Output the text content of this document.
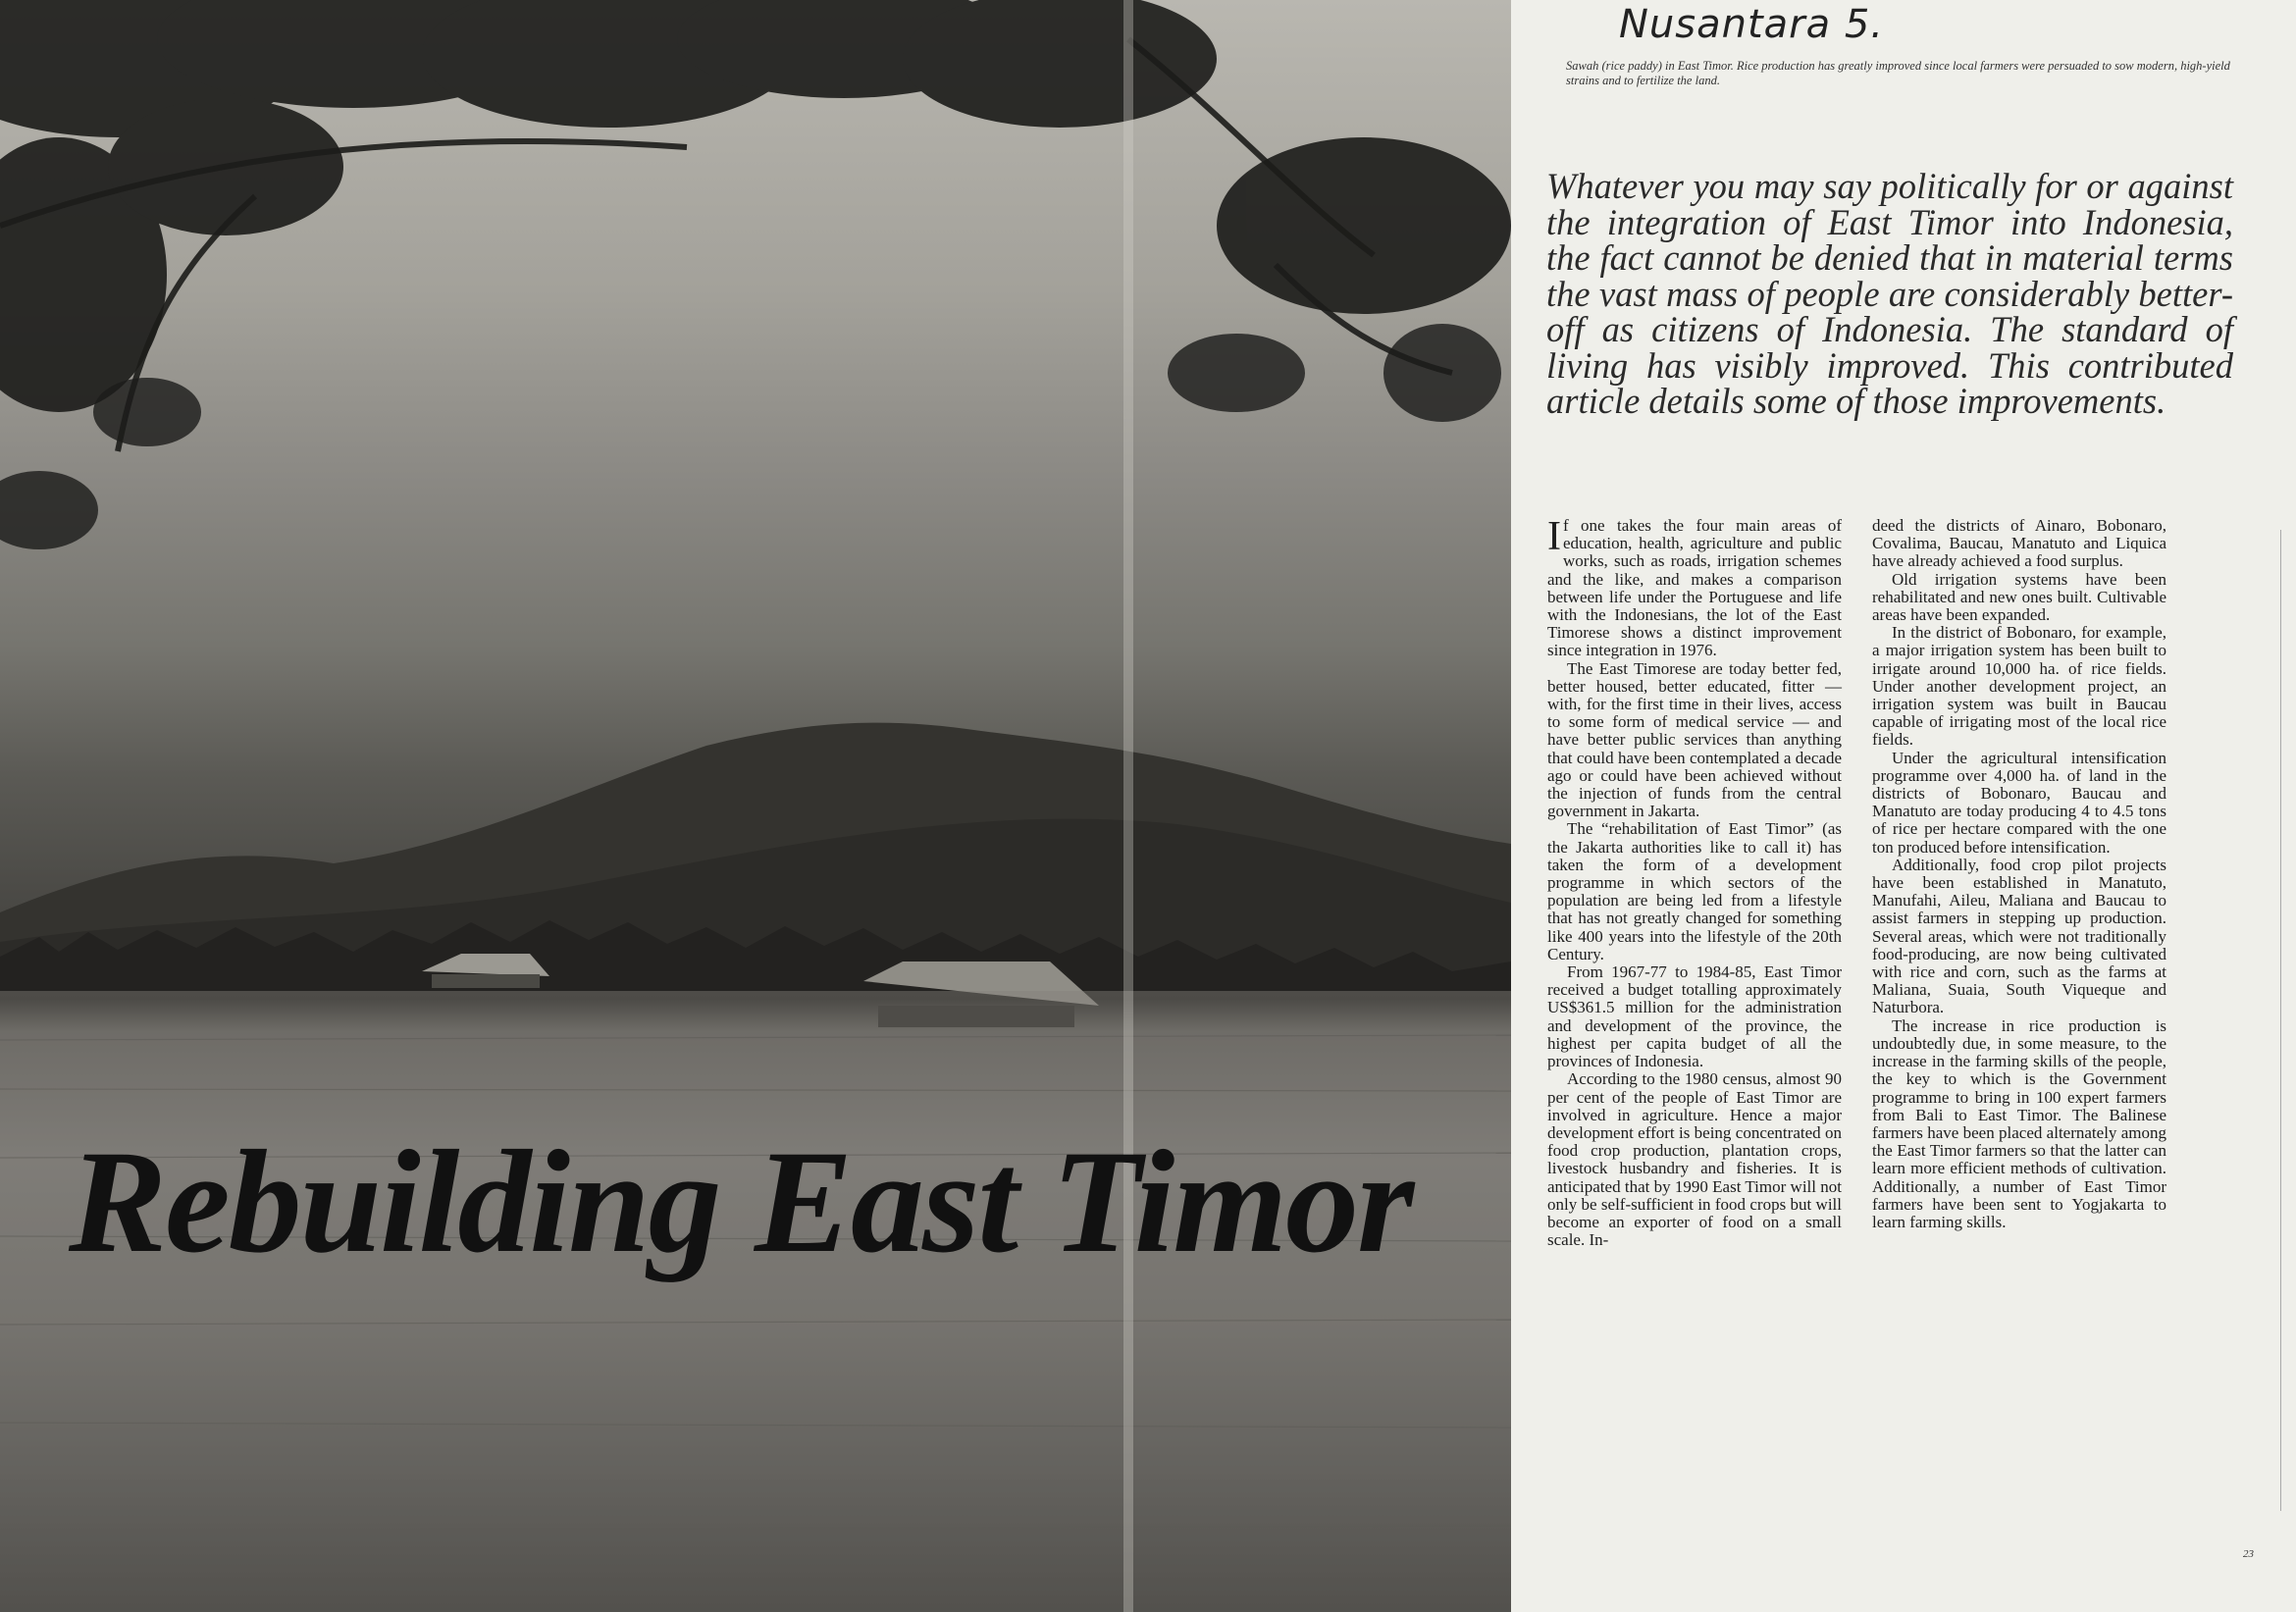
Rebuilding East Timor
Nusantara 5.

Sawah (rice paddy) in East Timor. Rice production has greatly improved since local farmers were persuaded to sow modern, high-yield strains and to fertilize the land.

Whatever you may say politically for or against the integration of East Timor into Indonesia, the fact cannot be denied that in material terms the vast mass of people are considerably better-off as citizens of Indonesia. The standard of living has visibly improved. This contributed article details some of those improvements.

If one takes the four main areas of education, health, agriculture and public works, such as roads, irrigation schemes and the like, and makes a comparison between life under the Portuguese and life with the Indonesians, the lot of the East Timorese shows a distinct improvement since integration in 1976.

The East Timorese are today better fed, better housed, better educated, fitter — with, for the first time in their lives, access to some form of medical service — and have better public services than anything that could have been contemplated a decade ago or could have been achieved without the injection of funds from the central government in Jakarta.

The “rehabilitation of East Timor” (as the Jakarta authorities like to call it) has taken the form of a development programme in which sectors of the population are being led from a lifestyle that has not greatly changed for something like 400 years into the lifestyle of the 20th Century.

From 1967-77 to 1984-85, East Timor received a budget totalling approximately US$361.5 million for the administration and development of the province, the highest per capita budget of all the provinces of Indonesia.

According to the 1980 census, almost 90 per cent of the people of East Timor are involved in agriculture. Hence a major development effort is being concentrated on food crop production, plantation crops, livestock husbandry and fisheries. It is anticipated that by 1990 East Timor will not only be self-sufficient in food crops but will become an exporter of food on a small scale. In-

deed the districts of Ainaro, Bobonaro, Covalima, Baucau, Manatuto and Liquica have already achieved a food surplus.

Old irrigation systems have been rehabilitated and new ones built. Cultivable areas have been expanded.

In the district of Bobonaro, for example, a major irrigation system has been built to irrigate around 10,000 ha. of rice fields. Under another development project, an irrigation system was built in Baucau capable of irrigating most of the local rice fields.

Under the agricultural intensification programme over 4,000 ha. of land in the districts of Bobonaro, Baucau and Manatuto are today producing 4 to 4.5 tons of rice per hectare compared with the one ton produced before intensification.

Additionally, food crop pilot projects have been established in Manatuto, Manufahi, Aileu, Maliana and Baucau to assist farmers in stepping up production. Several areas, which were not traditionally food-producing, are now being cultivated with rice and corn, such as the farms at Maliana, Suaia, South Viqueque and Naturbora.

The increase in rice production is undoubtedly due, in some measure, to the increase in the farming skills of the people, the key to which is the Government programme to bring in 100 expert farmers from Bali to East Timor. The Balinese farmers have been placed alternately among the East Timor farmers so that the latter can learn more efficient methods of cultivation. Additionally, a number of East Timor farmers have been sent to Yogjakarta to learn farming skills.

23
